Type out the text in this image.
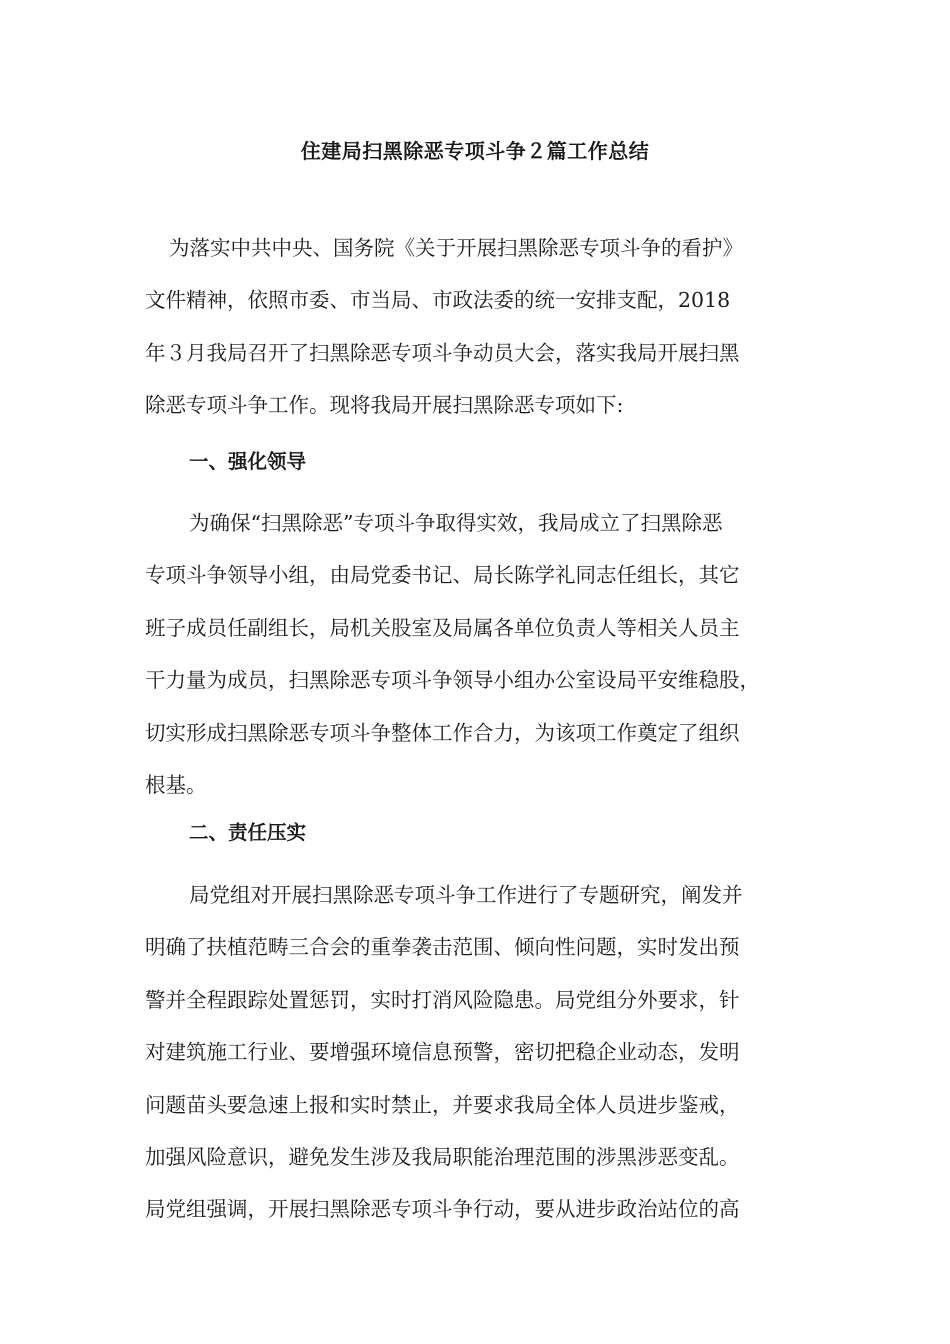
住建局扫黑除恶专项斗争２篇工作总结
为落实中共中央、国务院《关于开展扫黑除恶专项斗争的看护》
文件精神，依照市委、市当局、市政法委的统一安排支配，2018
年３月我局召开了扫黑除恶专项斗争动员大会，落实我局开展扫黑
除恶专项斗争工作。现将我局开展扫黑除恶专项如下:
一、强化领导
为确保“扫黑除恶”专项斗争取得实效，我局成立了扫黑除恶
专项斗争领导小组，由局党委书记、局长陈学礼同志任组长，其它
班子成员任副组长，局机关股室及局属各单位负责人等相关人员主
干力量为成员，扫黑除恶专项斗争领导小组办公室设局平安维稳股，
切实形成扫黑除恶专项斗争整体工作合力，为该项工作奠定了组织
根基。
二、责任压实
局党组对开展扫黑除恶专项斗争工作进行了专题研究，阐发并
明确了扶植范畴三合会的重拳袭击范围、倾向性问题，实时发出预
警并全程跟踪处置惩罚，实时打消风险隐患。局党组分外要求，针
对建筑施工行业、要增强环境信息预警，密切把稳企业动态，发明
问题苗头要急速上报和实时禁止，并要求我局全体人员进步鉴戒，
加强风险意识，避免发生涉及我局职能治理范围的涉黑涉恶变乱。
局党组强调，开展扫黑除恶专项斗争行动，要从进步政治站位的高
